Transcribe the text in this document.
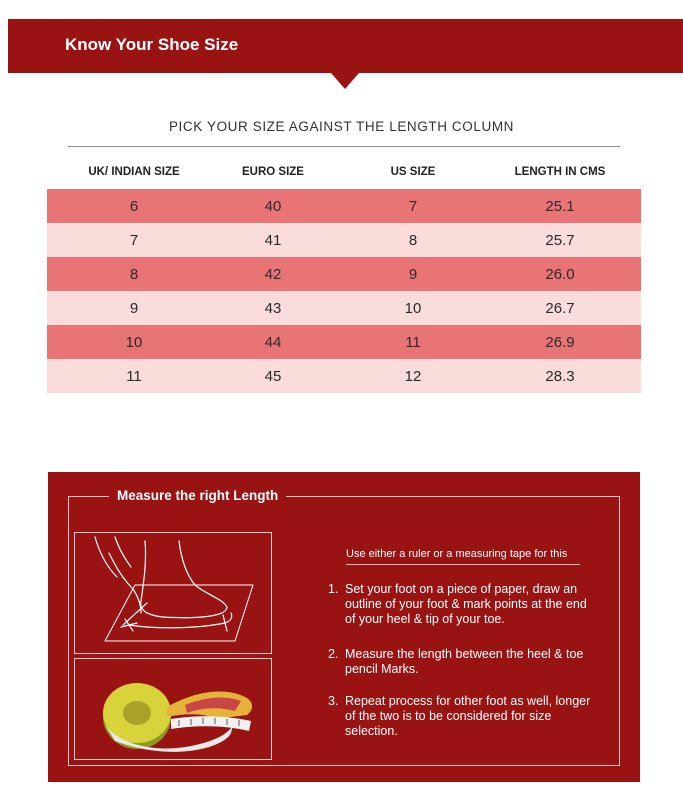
Know Your Shoe Size
PICK YOUR SIZE AGAINST THE LENGTH COLUMN
UK/ INDIAN SIZE	EURO SIZE	US SIZE	LENGTH IN CMS
6	40	7	25.1
7	41	8	25.7
8	42	9	26.0
9	43	10	26.7
10	44	11	26.9
11	45	12	28.3
Measure the right Length
Use either a ruler or a measuring tape for this
1. Set your foot on a piece of paper, draw an outline of your foot & mark points at the end of your heel & tip of your toe.
2. Measure the length between the heel & toe        pencil Marks.
3. Repeat process for other foot as well, longer of the two is to be considered for size selection.
